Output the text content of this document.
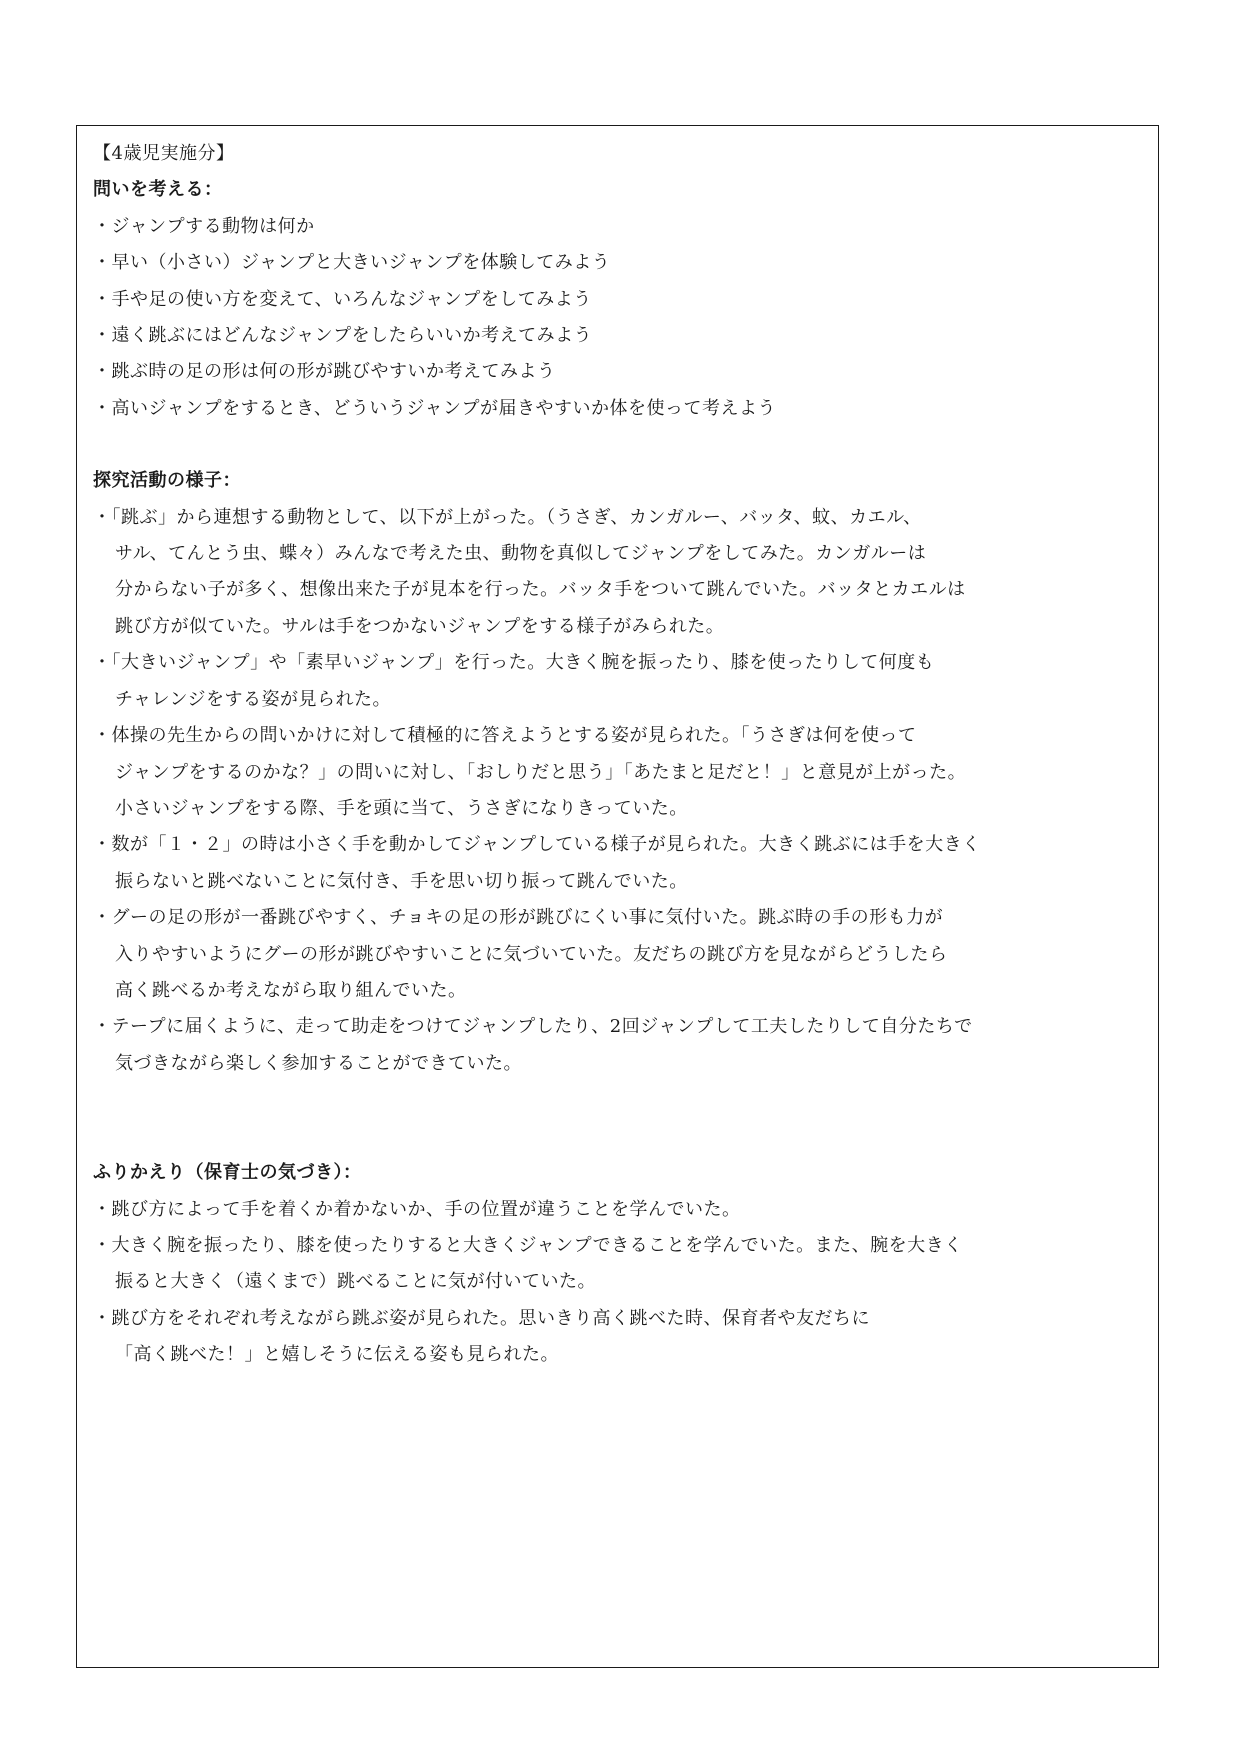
【4歳児実施分】

問いを考える：

・ジャンプする動物は何か

・早い（小さい）ジャンプと大きいジャンプを体験してみよう

・手や足の使い方を変えて、いろんなジャンプをしてみよう

・遠く跳ぶにはどんなジャンプをしたらいいか考えてみよう

・跳ぶ時の足の形は何の形が跳びやすいか考えてみよう

・高いジャンプをするとき、どういうジャンプが届きやすいか体を使って考えよう

探究活動の様子：

・「跳ぶ」から連想する動物として、以下が上がった。（うさぎ、カンガルー、バッタ、蚊、カエル、

サル、てんとう虫、蝶々）みんなで考えた虫、動物を真似してジャンプをしてみた。カンガルーは

分からない子が多く、想像出来た子が見本を行った。バッタ手をついて跳んでいた。バッタとカエルは

跳び方が似ていた。サルは手をつかないジャンプをする様子がみられた。

・「大きいジャンプ」や「素早いジャンプ」を行った。大きく腕を振ったり、膝を使ったりして何度も

チャレンジをする姿が見られた。

・体操の先生からの問いかけに対して積極的に答えようとする姿が見られた。「うさぎは何を使って

ジャンプをするのかな？」の問いに対し、「おしりだと思う」「あたまと足だと！」と意見が上がった。

小さいジャンプをする際、手を頭に当て、うさぎになりきっていた。

・数が「１・２」の時は小さく手を動かしてジャンプしている様子が見られた。大きく跳ぶには手を大きく

振らないと跳べないことに気付き、手を思い切り振って跳んでいた。

・グーの足の形が一番跳びやすく、チョキの足の形が跳びにくい事に気付いた。跳ぶ時の手の形も力が

入りやすいようにグーの形が跳びやすいことに気づいていた。友だちの跳び方を見ながらどうしたら

高く跳べるか考えながら取り組んでいた。

・テープに届くように、走って助走をつけてジャンプしたり、2回ジャンプして工夫したりして自分たちで

気づきながら楽しく参加することができていた。

ふりかえり（保育士の気づき）：

・跳び方によって手を着くか着かないか、手の位置が違うことを学んでいた。

・大きく腕を振ったり、膝を使ったりすると大きくジャンプできることを学んでいた。また、腕を大きく

振ると大きく（遠くまで）跳べることに気が付いていた。

・跳び方をそれぞれ考えながら跳ぶ姿が見られた。思いきり高く跳べた時、保育者や友だちに

「高く跳べた！」と嬉しそうに伝える姿も見られた。
